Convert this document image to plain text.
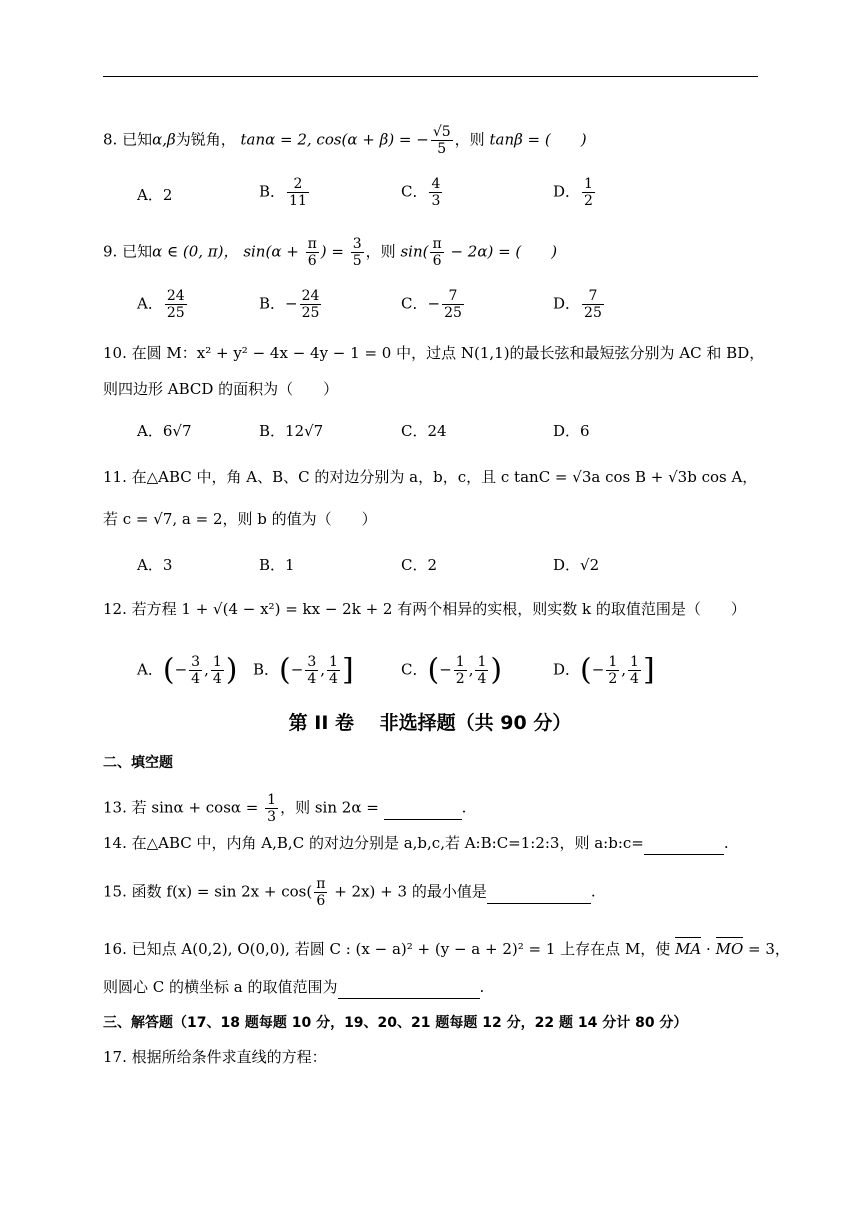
8. 已知α,β为锐角， tanα = 2, cos(α + β) = − $\frac{√5}{5}$ ，则 tanβ = (　　)
A．2	B． $\frac{2}{11}$	C． $\frac{4}{3}$	D． $\frac{1}{2}$
9. 已知α ∈ (0, π)， $\sin(\alpha + \frac{\pi}{6}$ ) = $\frac{3}{5}$ ，则 $\sin( \frac{\pi}{6} - 2\alpha)$ = (　　)
A． $\frac{24}{25}$	B．− $\frac{24}{25}$	C．− $\frac{7}{25}$	D． $\frac{7}{25}$
10. 在圆 M：x² + y² − 4x − 4y − 1 = 0 中，过点 N(1,1)的最长弦和最短弦分别为 AC 和 BD，
则四边形 ABCD 的面积为（　　）
A．6√7	B．12√7	C．24	D．6
11. 在△ABC 中，角 A、B、C 的对边分别为 a，b，c，且 c tanC = √3a cos B + √3b cos A，
若 c = √7, a = 2，则 b 的值为（　　）
A．3	B．1	C．2	D．√2
12. 若方程 1 + √(4 − x²) = kx − 2k + 2 有两个相异的实根，则实数 k 的取值范围是（　　）
A．(− $\frac{3}{4}$ , $\frac{1}{4}$ ) B．(− $\frac{3}{4}$ , $\frac{1}{4}$ ]	C．(− $\frac{1}{2}$ , $\frac{1}{4}$ )	D．(− $\frac{1}{2}$ , $\frac{1}{4}$ ]
第 II 卷　 非选择题（共 90 分）
二、填空题
13. 若 $\sin\alpha + \cos\alpha = \frac{1}{3}$ ，则 sin 2α =	.
14. 在△ABC 中，内角 A,B,C 的对边分别是 a,b,c,若 A:B:C=1:2:3，则 a:b:c=	.
15. 函数 $f(x) = \sin 2x + \cos( \frac{\pi}{6} + 2x) + 3$ 的最小值是	.
16. 已知点 A(0,2), O(0,0), 若圆 C : (x − a)² + (y − a + 2)² = 1 上存在点 M，使 MA · MO = 3，
则圆心 C 的横坐标 a 的取值范围为	.
三、解答题（17、18 题每题 10 分，19、20、21 题每题 12 分，22 题 14 分计 80 分）
17. 根据所给条件求直线的方程：
